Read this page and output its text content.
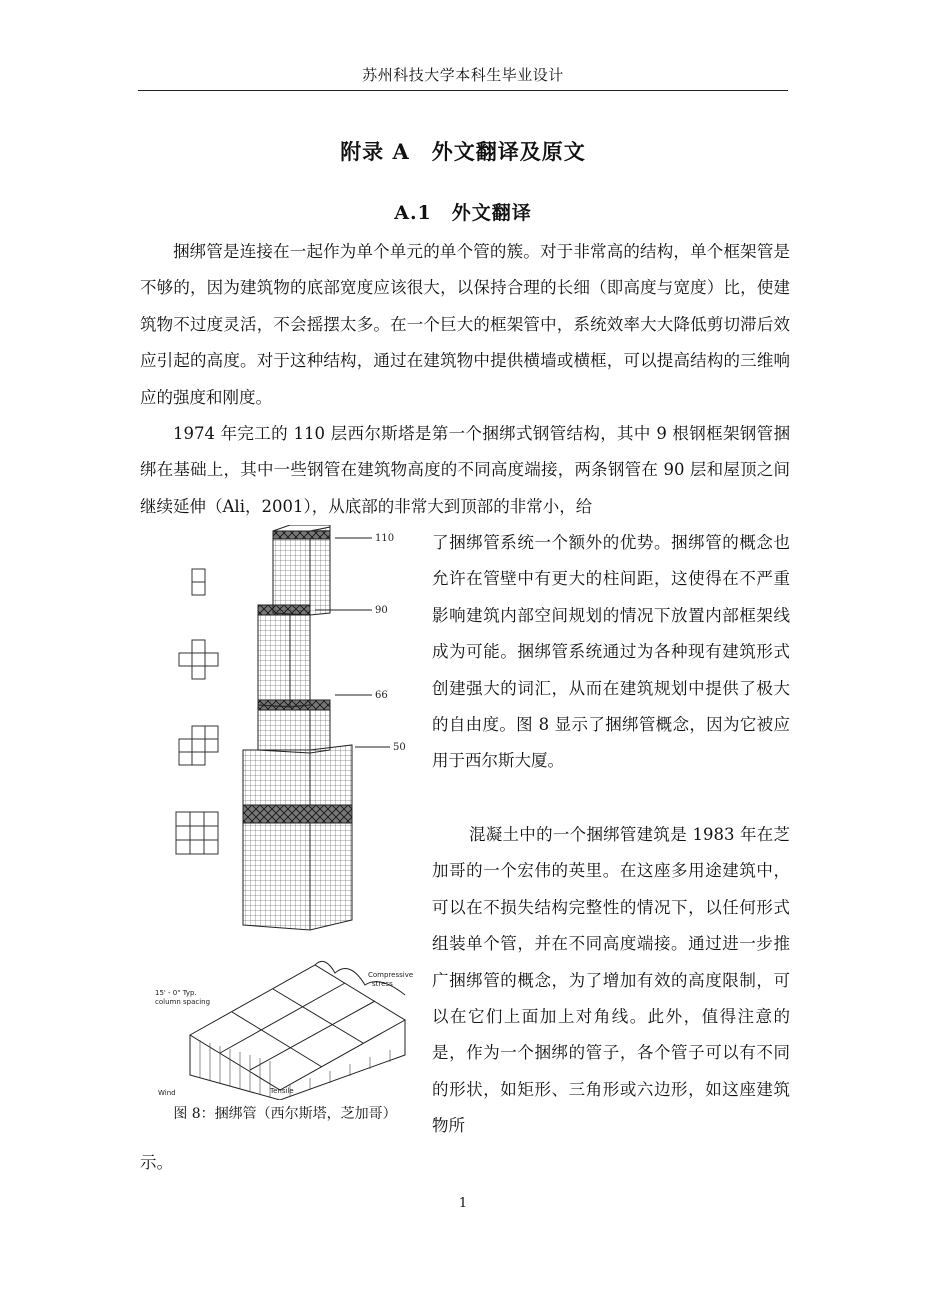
苏州科技大学本科生毕业设计
附录 A　外文翻译及原文
A.1　外文翻译

捆绑管是连接在一起作为单个单元的单个管的簇。对于非常高的结构，单个框架管是不够的，因为建筑物的底部宽度应该很大，以保持合理的长细（即高度与宽度）比，使建筑物不过度灵活，不会摇摆太多。在一个巨大的框架管中，系统效率大大降低剪切滞后效应引起的高度。对于这种结构，通过在建筑物中提供横墙或横框，可以提高结构的三维响应的强度和刚度。

1974 年完工的 110 层西尔斯塔是第一个捆绑式钢管结构，其中 9 根钢框架钢管捆绑在基础上，其中一些钢管在建筑物高度的不同高度端接，两条钢管在 90 层和屋顶之间继续延伸（Ali，2001），从底部的非常大到顶部的非常小，给

了捆绑管系统一个额外的优势。捆绑管的概念也允许在管壁中有更大的柱间距，这使得在不严重影响建筑内部空间规划的情况下放置内部框架线成为可能。捆绑管系统通过为各种现有建筑形式创建强大的词汇，从而在建筑规划中提供了极大的自由度。图 8 显示了捆绑管概念，因为它被应用于西尔斯大厦。

混凝土中的一个捆绑管建筑是 1983 年在芝加哥的一个宏伟的英里。在这座多用途建筑中，可以在不损失结构完整性的情况下，以任何形式组装单个管，并在不同高度端接。通过进一步推广捆绑管的概念，为了增加有效的高度限制，可以在它们上面加上对角线。此外，值得注意的是，作为一个捆绑的管子，各个管子可以有不同的形状，如矩形、三角形或六边形，如这座建筑物所

示。

110
90
66
50
15' - 0" Typ.
column spacing
Compressive
stress
Tensile
Wind
图 8：捆绑管（西尔斯塔，芝加哥）
1
